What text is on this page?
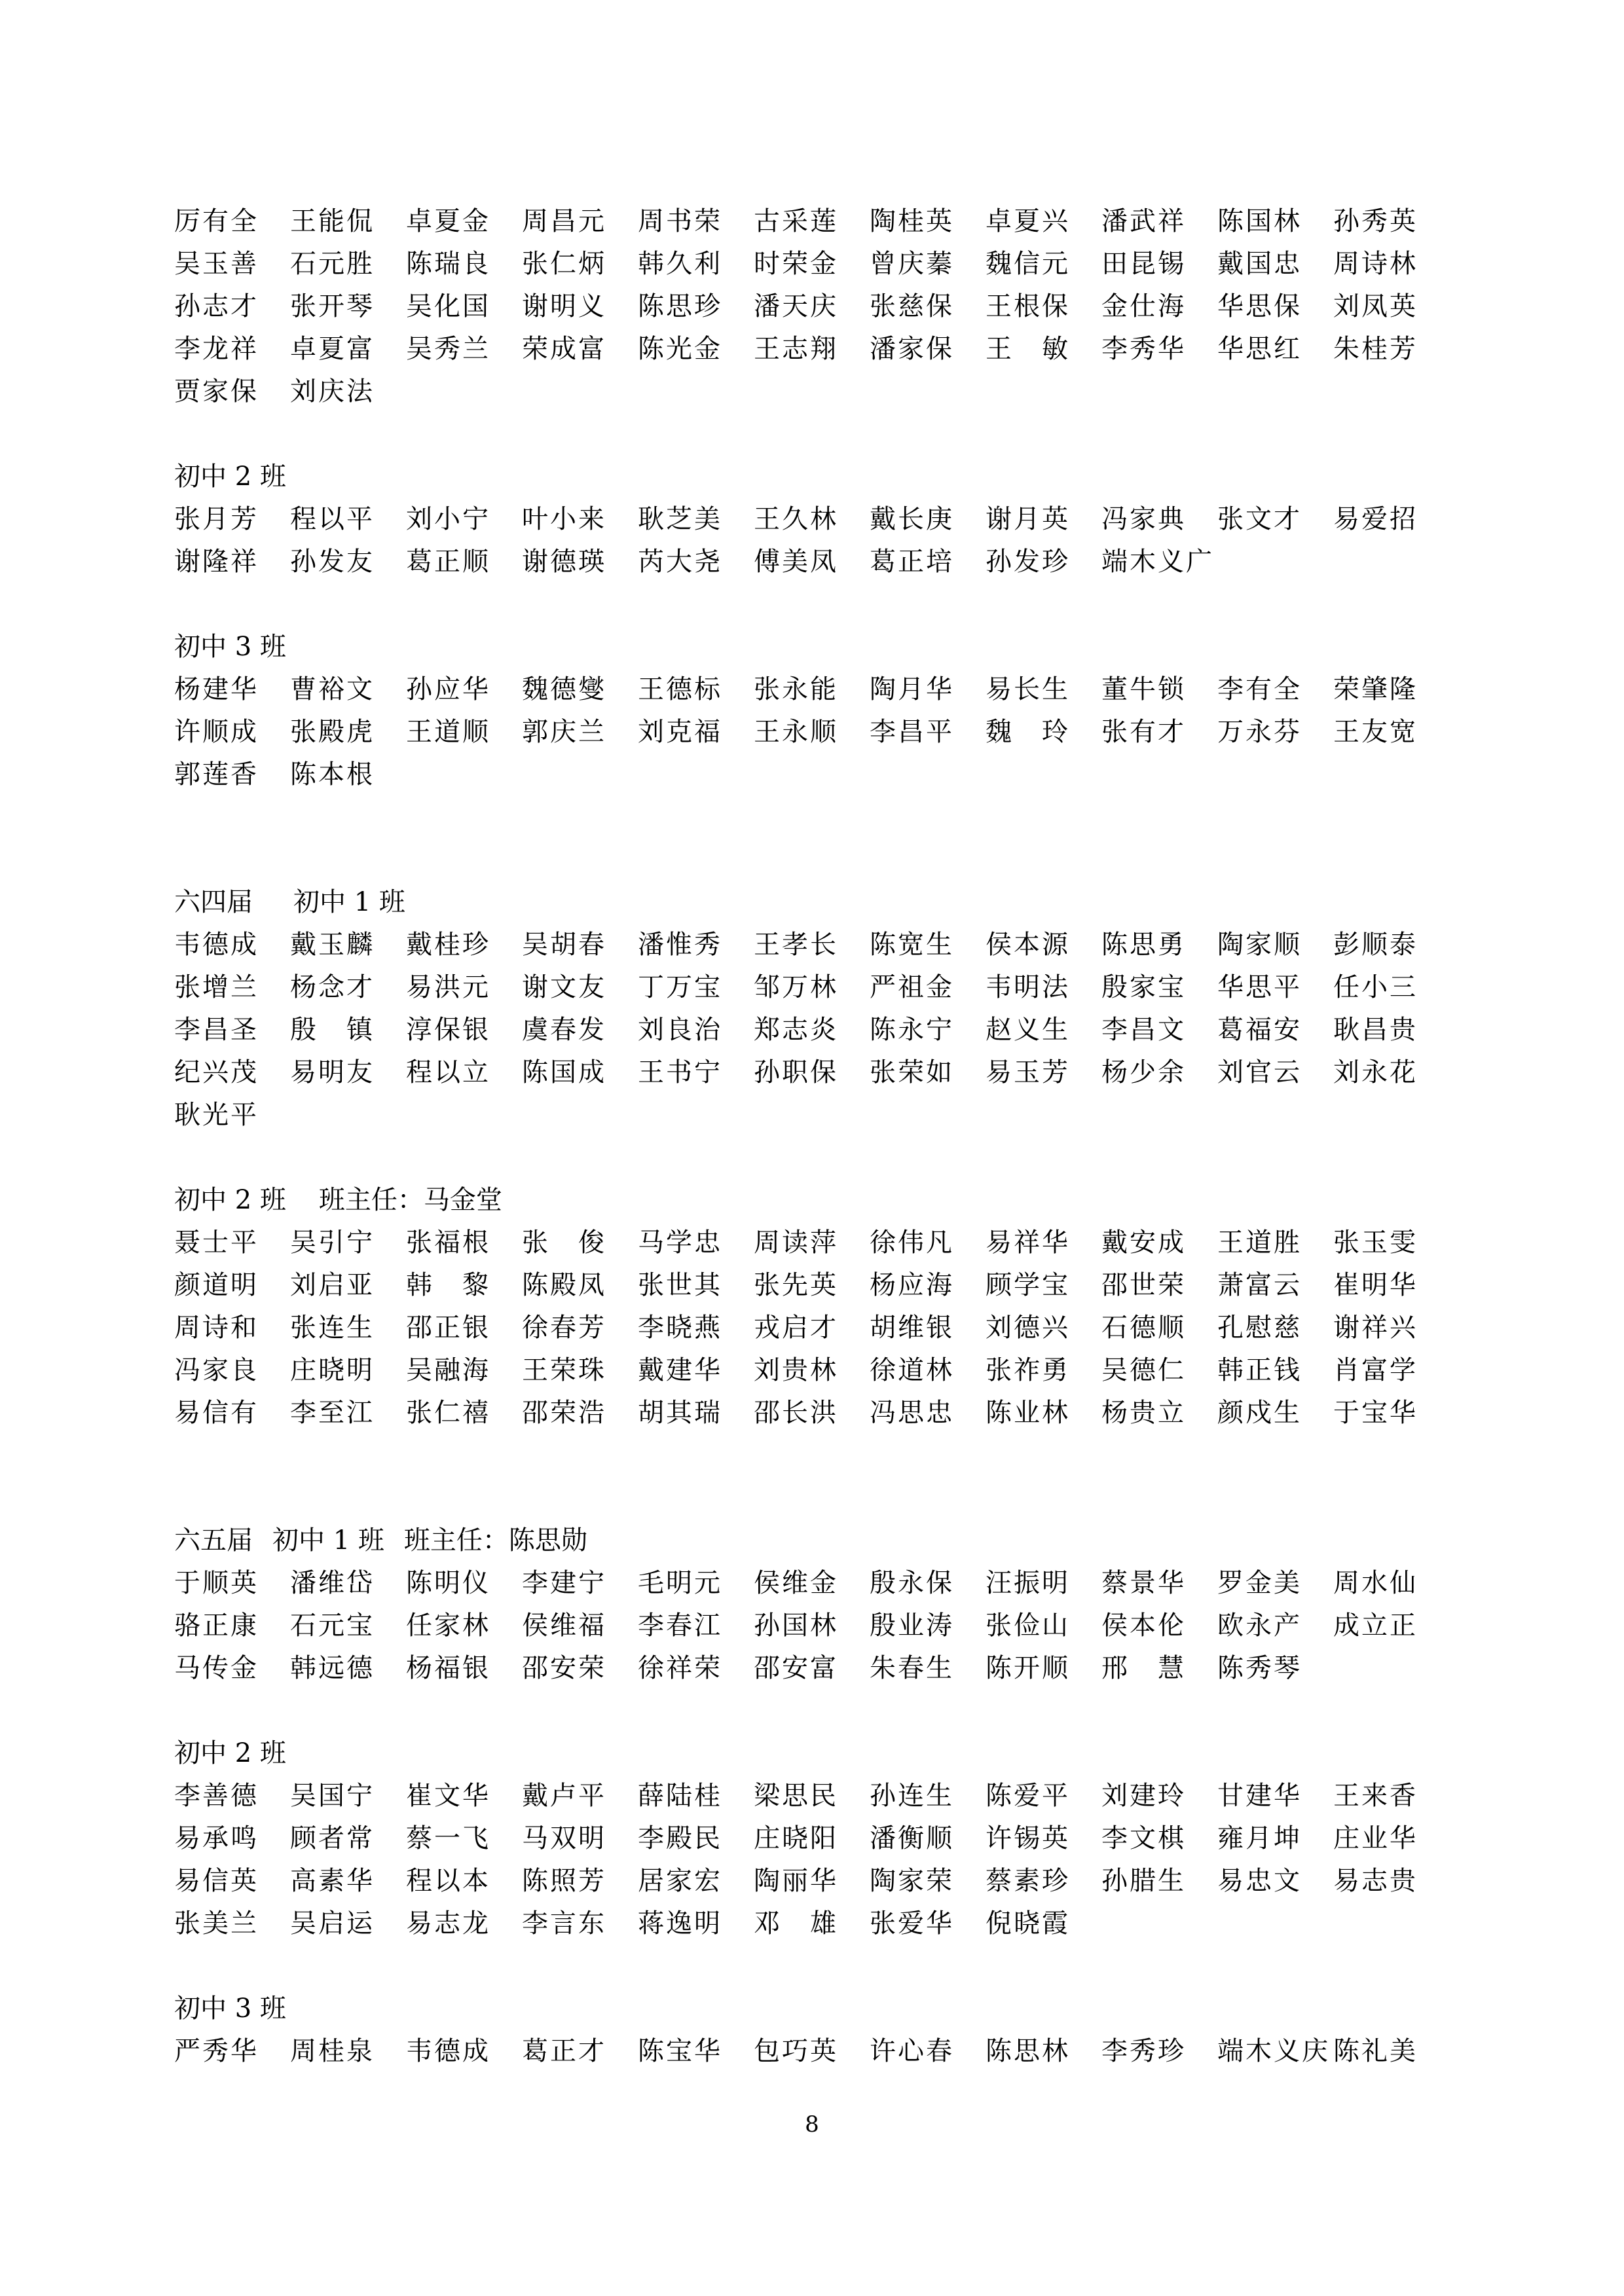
厉有全	王能侃	卓夏金	周昌元	周书荣	古采莲	陶桂英	卓夏兴	潘武祥	陈国林	孙秀英
吴玉善	石元胜	陈瑞良	张仁炳	韩久利	时荣金	曾庆蓁	魏信元	田昆锡	戴国忠	周诗林
孙志才	张开琴	吴化国	谢明义	陈思珍	潘天庆	张慈保	王根保	金仕海	华思保	刘凤英
李龙祥	卓夏富	吴秀兰	荣成富	陈光金	王志翔	潘家保	王　敏	李秀华	华思红	朱桂芳
贾家保	刘庆法
初中 2 班
张月芳	程以平	刘小宁	叶小来	耿芝美	王久林	戴长庚	谢月英	冯家典	张文才	易爱招
谢隆祥	孙发友	葛正顺	谢德瑛	芮大尧	傅美凤	葛正培	孙发珍	端木义广
初中 3 班
杨建华	曹裕文	孙应华	魏德燮	王德标	张永能	陶月华	易长生	董牛锁	李有全	荣肇隆
许顺成	张殿虎	王道顺	郭庆兰	刘克福	王永顺	李昌平	魏　玲	张有才	万永芬	王友宽
郭莲香	陈本根
六四届 初中 1 班
韦德成	戴玉麟	戴桂珍	吴胡春	潘惟秀	王孝长	陈宽生	侯本源	陈思勇	陶家顺	彭顺泰
张增兰	杨念才	易洪元	谢文友	丁万宝	邹万林	严祖金	韦明法	殷家宝	华思平	任小三
李昌圣	殷　镇	淳保银	虞春发	刘良治	郑志炎	陈永宁	赵义生	李昌文	葛福安	耿昌贵
纪兴茂	易明友	程以立	陈国成	王书宁	孙职保	张荣如	易玉芳	杨少余	刘官云	刘永花
耿光平
初中 2 班 班主任：马金堂
聂士平	吴引宁	张福根	张　俊	马学忠	周读萍	徐伟凡	易祥华	戴安成	王道胜	张玉雯
颜道明	刘启亚	韩　黎	陈殿凤	张世其	张先英	杨应海	顾学宝	邵世荣	萧富云	崔明华
周诗和	张连生	邵正银	徐春芳	李晓燕	戎启才	胡维银	刘德兴	石德顺	孔慰慈	谢祥兴
冯家良	庄晓明	吴融海	王荣珠	戴建华	刘贵林	徐道林	张祚勇	吴德仁	韩正钱	肖富学
易信有	李至江	张仁禧	邵荣浩	胡其瑞	邵长洪	冯思忠	陈业林	杨贵立	颜戍生	于宝华
六五届 初中 1 班 班主任：陈思勋
于顺英	潘维岱	陈明仪	李建宁	毛明元	侯维金	殷永保	汪振明	蔡景华	罗金美	周水仙
骆正康	石元宝	任家林	侯维福	李春江	孙国林	殷业涛	张俭山	侯本伦	欧永产	成立正
马传金	韩远德	杨福银	邵安荣	徐祥荣	邵安富	朱春生	陈开顺	邢　慧	陈秀琴
初中 2 班
李善德	吴国宁	崔文华	戴卢平	薛陆桂	梁思民	孙连生	陈爱平	刘建玲	甘建华	王来香
易承鸣	顾者常	蔡一飞	马双明	李殿民	庄晓阳	潘衡顺	许锡英	李文棋	雍月坤	庄业华
易信英	高素华	程以本	陈照芳	居家宏	陶丽华	陶家荣	蔡素珍	孙腊生	易忠文	易志贵
张美兰	吴启运	易志龙	李言东	蒋逸明	邓　雄	张爱华	倪晓霞
初中 3 班
严秀华	周桂泉	韦德成	葛正才	陈宝华	包巧英	许心春	陈思林	李秀珍	端木义庆 陈礼美
8
